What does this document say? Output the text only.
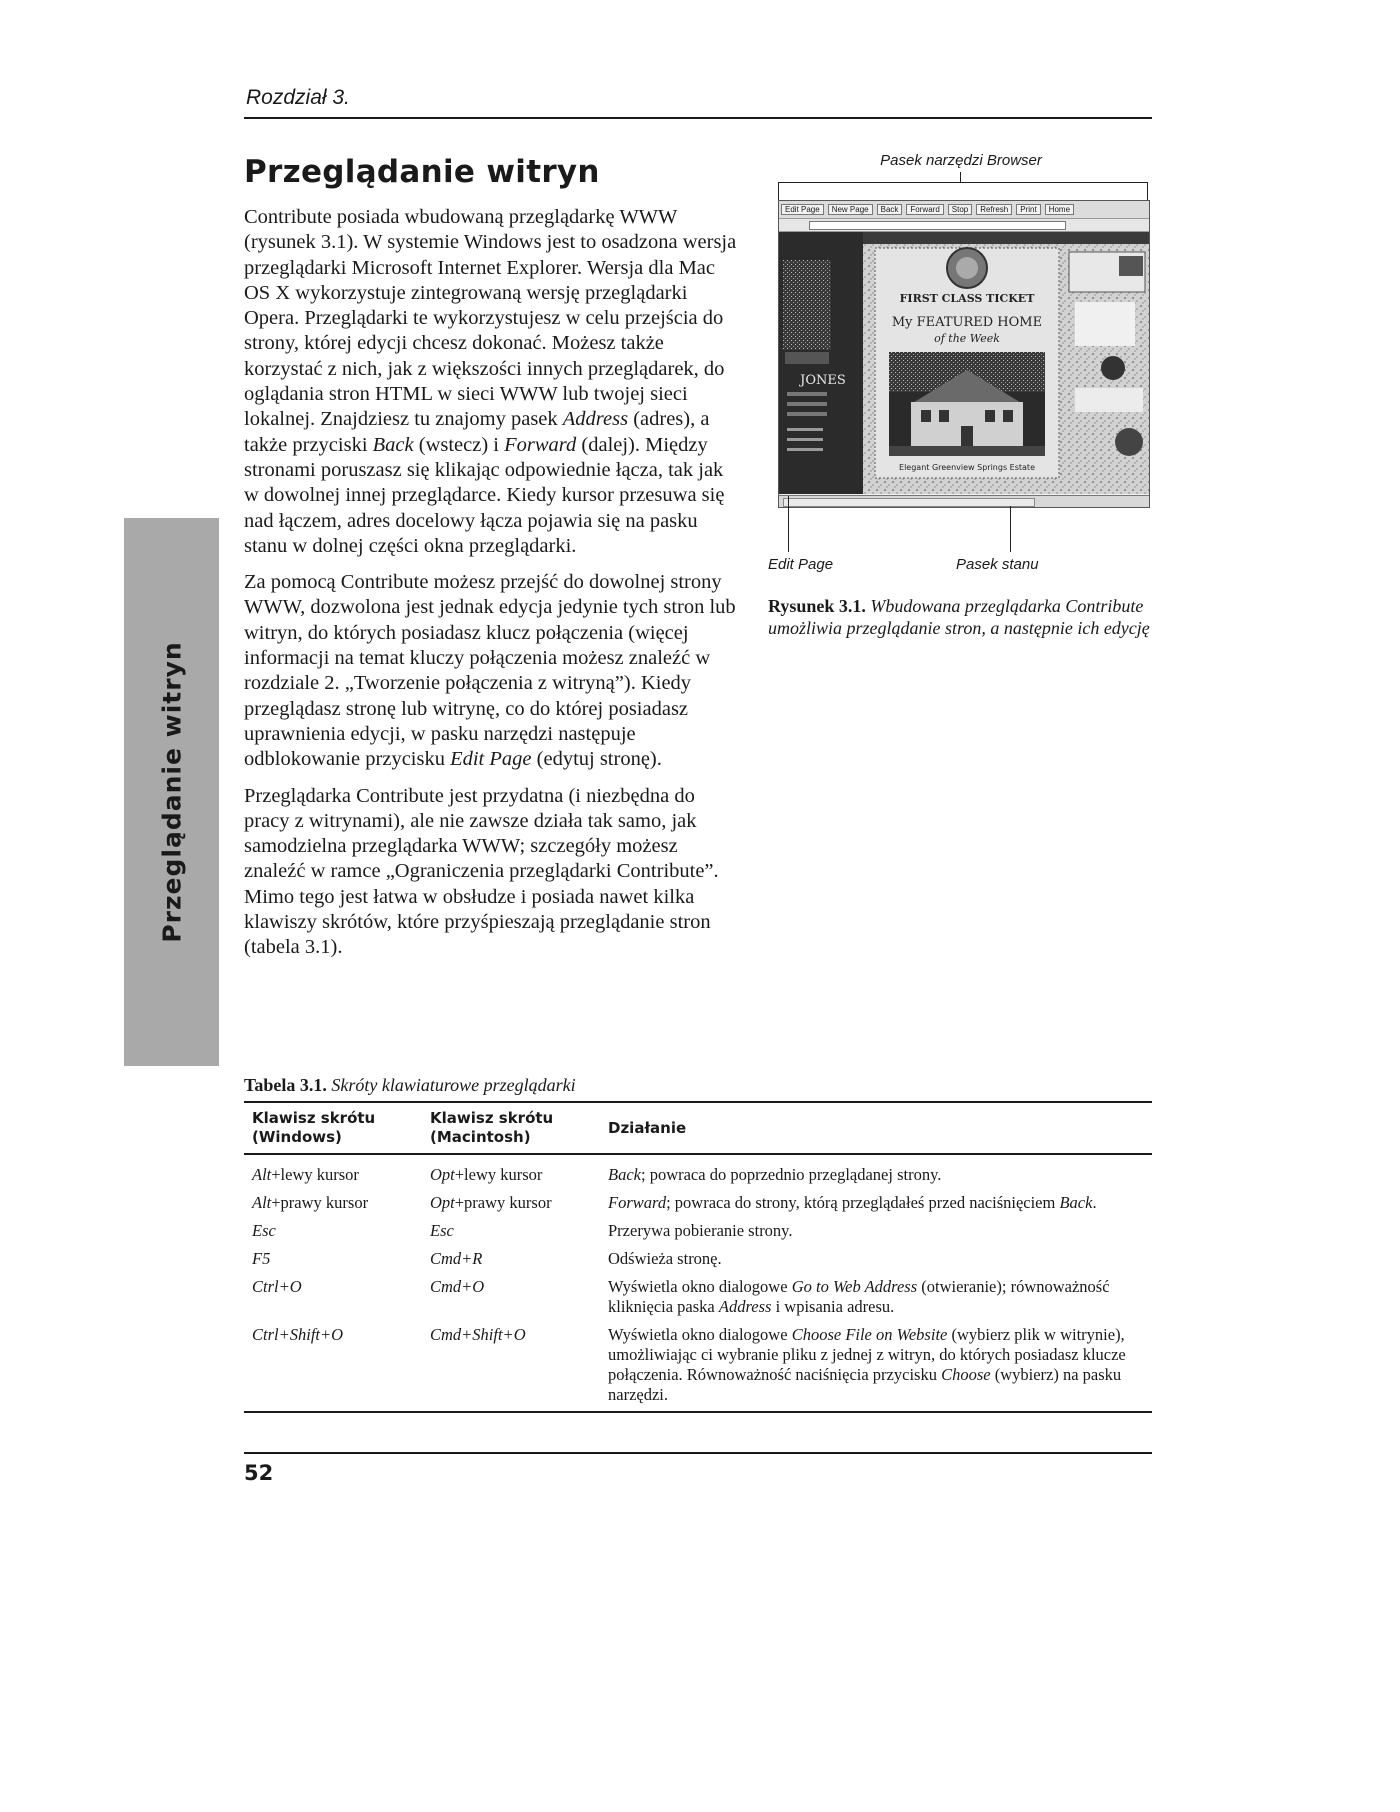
Rozdział 3.
Przeglądanie witryn
Przeglądanie witryn

Contribute posiada wbudowaną przeglądarkę WWW (rysunek 3.1). W systemie Windows jest to osadzona wersja przeglądarki Microsoft Internet Explorer. Wersja dla Mac OS X wykorzystuje zintegrowaną wersję przeglądarki Opera. Przeglądarki te wykorzystujesz w celu przejścia do strony, której edycji chcesz dokonać. Możesz także korzystać z nich, jak z większości innych przeglądarek, do oglądania stron HTML w sieci WWW lub twojej sieci lokalnej. Znajdziesz tu znajomy pasek Address (adres), a także przyciski Back (wstecz) i Forward (dalej). Między stronami poruszasz się klikając odpowiednie łącza, tak jak w dowolnej innej przeglądarce. Kiedy kursor przesuwa się nad łączem, adres docelowy łącza pojawia się na pasku stanu w dolnej części okna przeglądarki.

Za pomocą Contribute możesz przejść do dowolnej strony WWW, dozwolona jest jednak edycja jedynie tych stron lub witryn, do których posiadasz klucz połączenia (więcej informacji na temat kluczy połączenia możesz znaleźć w rozdziale 2. „Tworzenie połączenia z witryną”). Kiedy przeglądasz stronę lub witrynę, co do której posiadasz uprawnienia edycji, w pasku narzędzi następuje odblokowanie przycisku Edit Page (edytuj stronę).

Przeglądarka Contribute jest przydatna (i niezbędna do pracy z witrynami), ale nie zawsze działa tak samo, jak samodzielna przeglądarka WWW; szczegóły możesz znaleźć w ramce „Ograniczenia przeglądarki Contribute”. Mimo tego jest łatwa w obsłudze i posiada nawet kilka klawiszy skrótów, które przyśpieszają przeglądanie stron (tabela 3.1).

Pasek narzędzi Browser
Edit Page New Page Back Forward Stop Refresh Print Home
JONES
FIRST CLASS TICKET
My FEATURED HOME
of the Week
Elegant Greenview Springs Estate
Edit Page	Pasek stanu
Rysunek 3.1. Wbudowana przeglądarka Contribute umożliwia przeglądanie stron, a następnie ich edycję
Tabela 3.1. Skróty klawiaturowe przeglądarki
Klawisz skrótu (Windows)	Klawisz skrótu (Macintosh)	Działanie
Alt+lewy kursor	Opt+lewy kursor	Back; powraca do poprzednio przeglądanej strony.
Alt+prawy kursor	Opt+prawy kursor	Forward; powraca do strony, którą przeglądałeś przed naciśnięciem Back.
Esc	Esc	Przerywa pobieranie strony.
F5	Cmd+R	Odświeża stronę.
Ctrl+O	Cmd+O	Wyświetla okno dialogowe Go to Web Address (otwieranie); równoważność kliknięcia paska Address i wpisania adresu.
Ctrl+Shift+O	Cmd+Shift+O	Wyświetla okno dialogowe Choose File on Website (wybierz plik w witrynie), umożliwiając ci wybranie pliku z jednej z witryn, do których posiadasz klucze połączenia. Równoważność naciśnięcia przycisku Choose (wybierz) na pasku narzędzi.
52
